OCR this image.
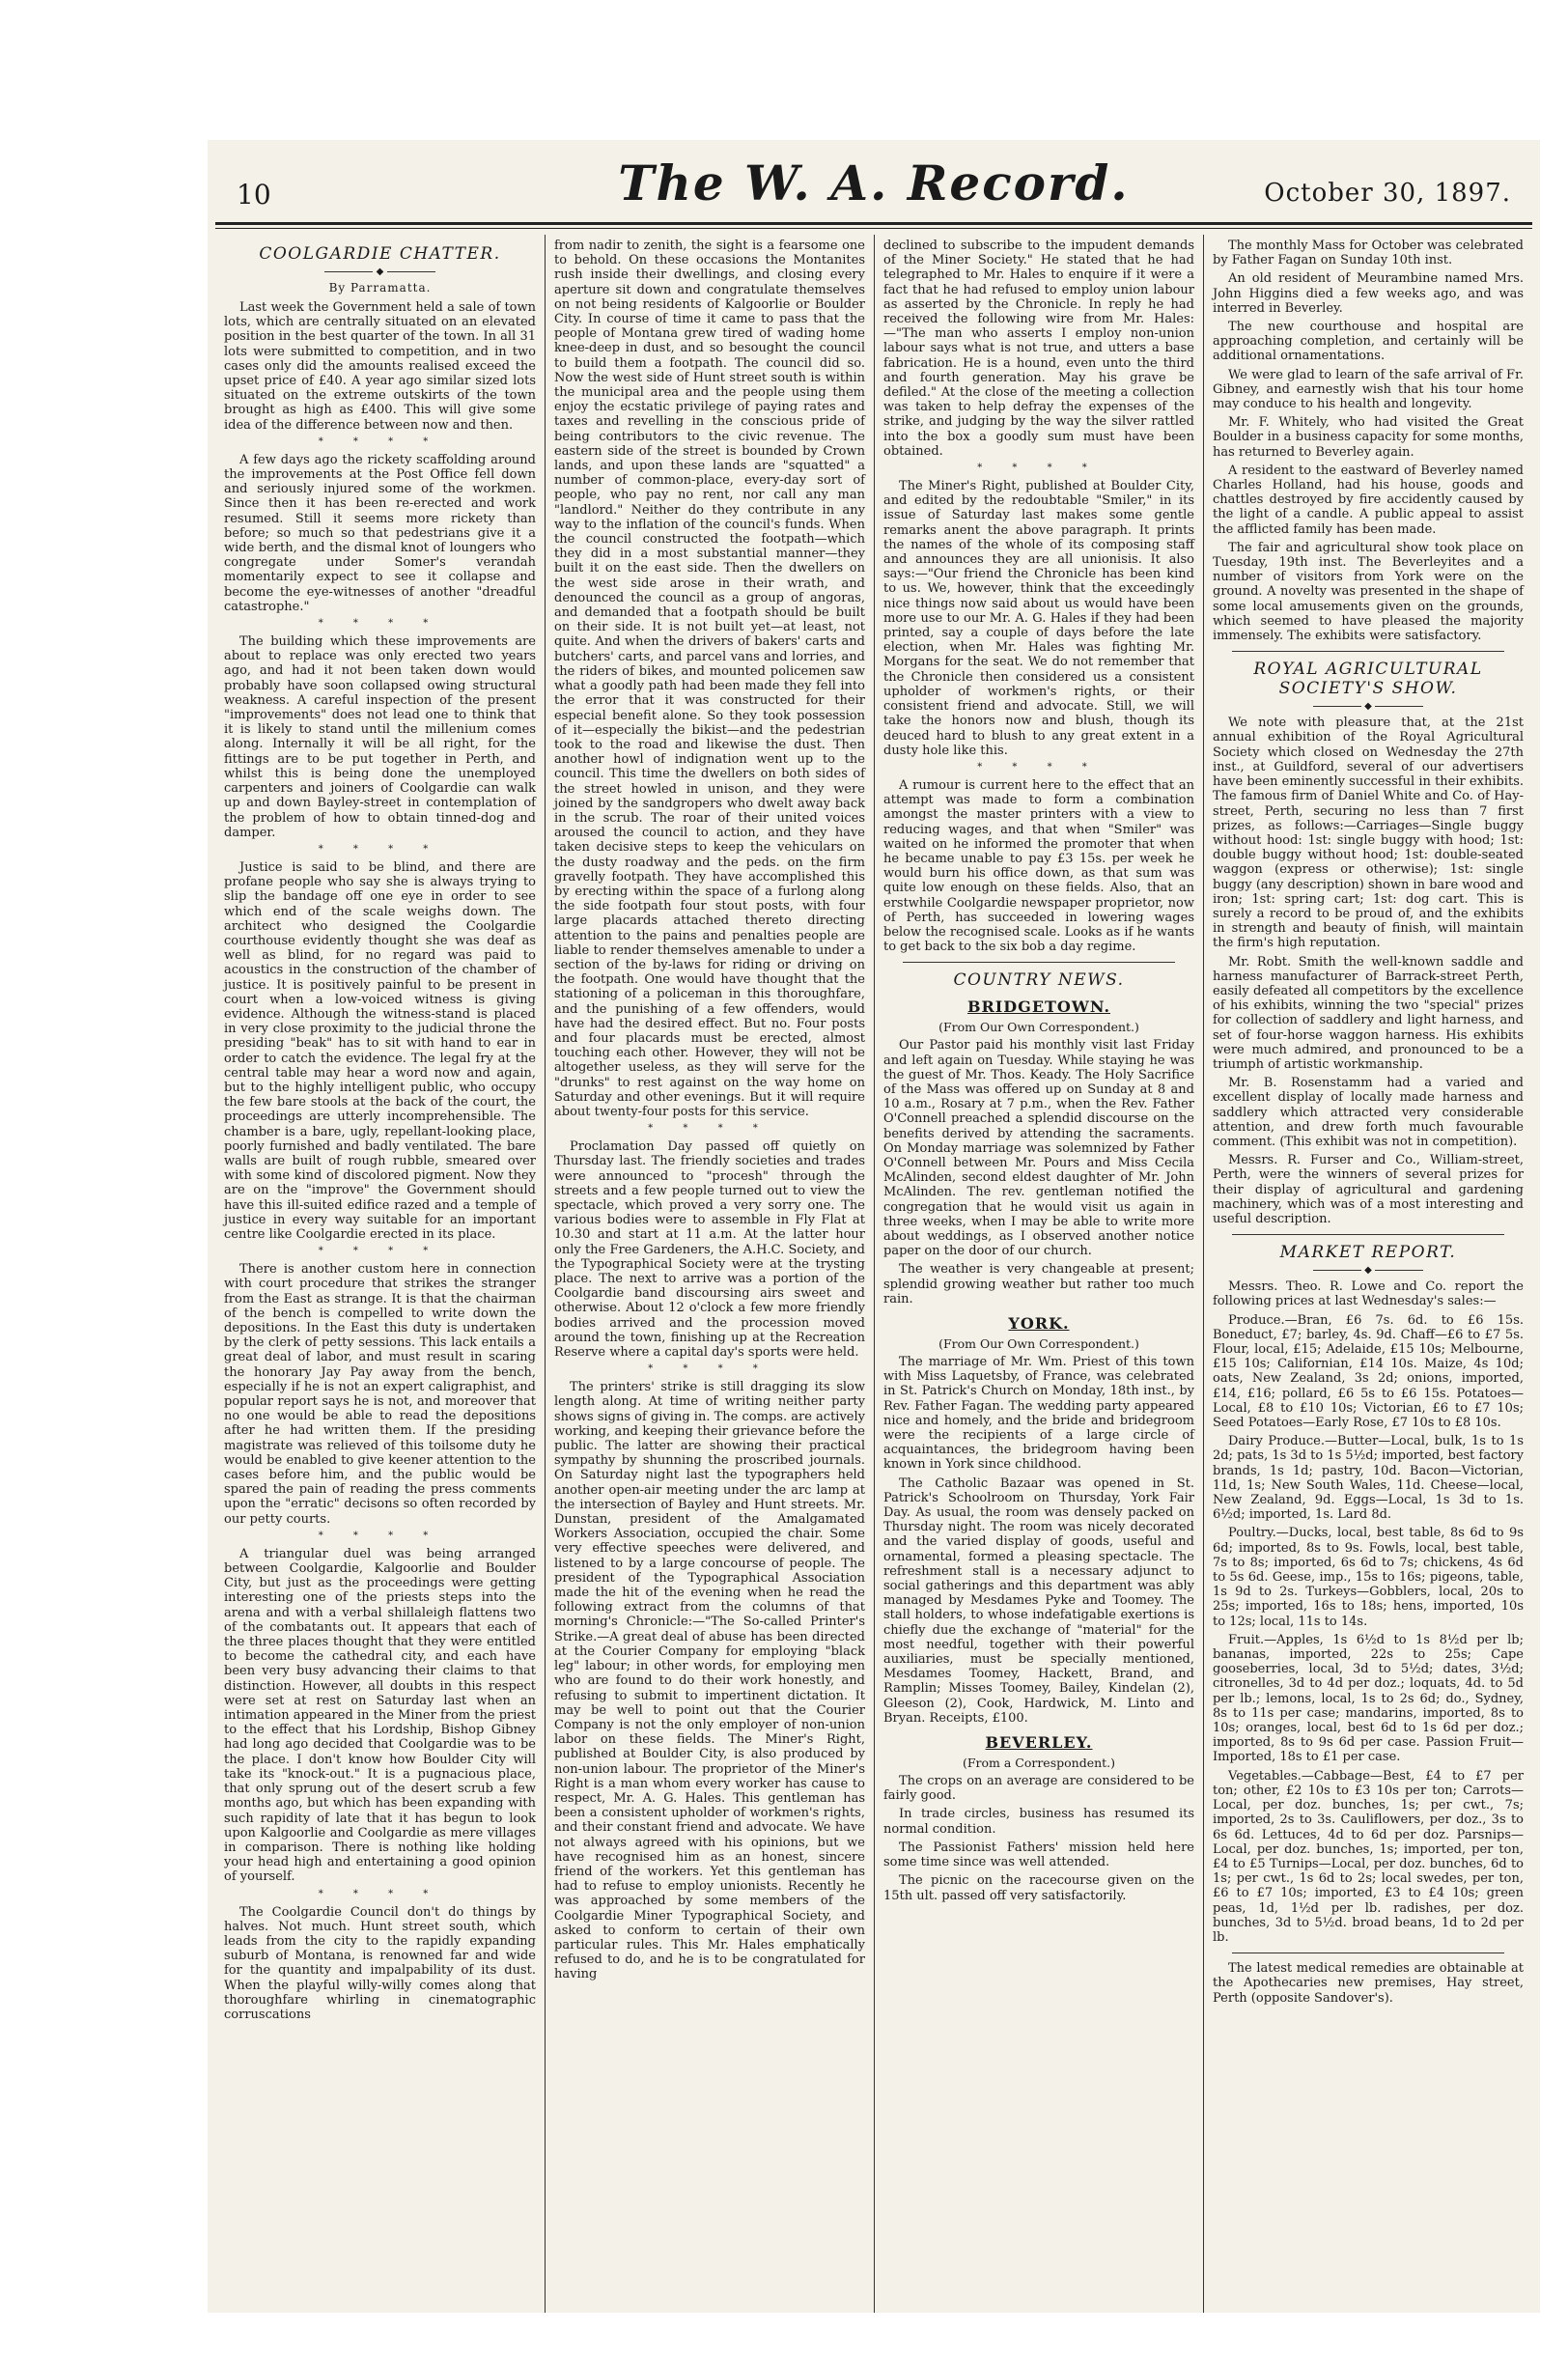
10	The W. A. Record.	October 30, 1897.
COOLGARDIE CHATTER.
◆
By Parramatta.

Last week the Government held a sale of town lots, which are centrally situated on an elevated position in the best quarter of the town. In all 31 lots were submitted to competition, and in two cases only did the amounts realised exceed the upset price of £40. A year ago similar sized lots situated on the extreme outskirts of the town brought as high as £400. This will give some idea of the difference between now and then.

* * * *

A few days ago the rickety scaffolding around the improvements at the Post Office fell down and seriously injured some of the workmen. Since then it has been re-erected and work resumed. Still it seems more rickety than before; so much so that pedestrians give it a wide berth, and the dismal knot of loungers who congregate under Somer's verandah momentarily expect to see it collapse and become the eye-witnesses of another "dreadful catastrophe."

* * * *

The building which these improvements are about to replace was only erected two years ago, and had it not been taken down would probably have soon collapsed owing structural weakness. A careful inspection of the present "improvements" does not lead one to think that it is likely to stand until the millenium comes along. Internally it will be all right, for the fittings are to be put together in Perth, and whilst this is being done the unemployed carpenters and joiners of Coolgardie can walk up and down Bayley-street in contemplation of the problem of how to obtain tinned-dog and damper.

* * * *

Justice is said to be blind, and there are profane people who say she is always trying to slip the bandage off one eye in order to see which end of the scale weighs down. The architect who designed the Coolgardie courthouse evidently thought she was deaf as well as blind, for no regard was paid to acoustics in the construction of the chamber of justice. It is positively painful to be present in court when a low-voiced witness is giving evidence. Although the witness-stand is placed in very close proximity to the judicial throne the presiding "beak" has to sit with hand to ear in order to catch the evidence. The legal fry at the central table may hear a word now and again, but to the highly intelligent public, who occupy the few bare stools at the back of the court, the proceedings are utterly incomprehensible. The chamber is a bare, ugly, repellant-looking place, poorly furnished and badly ventilated. The bare walls are built of rough rubble, smeared over with some kind of discolored pigment. Now they are on the "improve" the Government should have this ill-suited edifice razed and a temple of justice in every way suitable for an important centre like Coolgardie erected in its place.

* * * *

There is another custom here in connection with court procedure that strikes the stranger from the East as strange. It is that the chairman of the bench is compelled to write down the depositions. In the East this duty is undertaken by the clerk of petty sessions. This lack entails a great deal of labor, and must result in scaring the honorary Jay Pay away from the bench, especially if he is not an expert caligraphist, and popular report says he is not, and moreover that no one would be able to read the depositions after he had written them. If the presiding magistrate was relieved of this toilsome duty he would be enabled to give keener attention to the cases before him, and the public would be spared the pain of reading the press comments upon the "erratic" decisons so often recorded by our petty courts.

* * * *

A triangular duel was being arranged between Coolgardie, Kalgoorlie and Boulder City, but just as the proceedings were getting interesting one of the priests steps into the arena and with a verbal shillaleigh flattens two of the combatants out. It appears that each of the three places thought that they were entitled to become the cathedral city, and each have been very busy advancing their claims to that distinction. However, all doubts in this respect were set at rest on Saturday last when an intimation appeared in the Miner from the priest to the effect that his Lordship, Bishop Gibney had long ago decided that Coolgardie was to be the place. I don't know how Boulder City will take its "knock-out." It is a pugnacious place, that only sprung out of the desert scrub a few months ago, but which has been expanding with such rapidity of late that it has begun to look upon Kalgoorlie and Coolgardie as mere villages in comparison. There is nothing like holding your head high and entertaining a good opinion of yourself.

* * * *

The Coolgardie Council don't do things by halves. Not much. Hunt street south, which leads from the city to the rapidly expanding suburb of Montana, is renowned far and wide for the quantity and impalpability of its dust. When the playful willy-willy comes along that thoroughfare whirling in cinematographic corruscations

from nadir to zenith, the sight is a fearsome one to behold. On these occasions the Montanites rush inside their dwellings, and closing every aperture sit down and congratulate themselves on not being residents of Kalgoorlie or Boulder City. In course of time it came to pass that the people of Montana grew tired of wading home knee-deep in dust, and so besought the council to build them a footpath. The council did so. Now the west side of Hunt street south is within the municipal area and the people using them enjoy the ecstatic privilege of paying rates and taxes and revelling in the conscious pride of being contributors to the civic revenue. The eastern side of the street is bounded by Crown lands, and upon these lands are "squatted" a number of common-place, every-day sort of people, who pay no rent, nor call any man "landlord." Neither do they contribute in any way to the inflation of the council's funds. When the council constructed the footpath—which they did in a most substantial manner—they built it on the east side. Then the dwellers on the west side arose in their wrath, and denounced the council as a group of angoras, and demanded that a footpath should be built on their side. It is not built yet—at least, not quite. And when the drivers of bakers' carts and butchers' carts, and parcel vans and lorries, and the riders of bikes, and mounted policemen saw what a goodly path had been made they fell into the error that it was constructed for their especial benefit alone. So they took possession of it—especially the bikist—and the pedestrian took to the road and likewise the dust. Then another howl of indignation went up to the council. This time the dwellers on both sides of the street howled in unison, and they were joined by the sandgropers who dwelt away back in the scrub. The roar of their united voices aroused the council to action, and they have taken decisive steps to keep the vehiculars on the dusty roadway and the peds. on the firm gravelly footpath. They have accomplished this by erecting within the space of a furlong along the side footpath four stout posts, with four large placards attached thereto directing attention to the pains and penalties people are liable to render themselves amenable to under a section of the by-laws for riding or driving on the footpath. One would have thought that the stationing of a policeman in this thoroughfare, and the punishing of a few offenders, would have had the desired effect. But no. Four posts and four placards must be erected, almost touching each other. However, they will not be altogether useless, as they will serve for the "drunks" to rest against on the way home on Saturday and other evenings. But it will require about twenty-four posts for this service.

* * * *

Proclamation Day passed off quietly on Thursday last. The friendly societies and trades were announced to "procesh" through the streets and a few people turned out to view the spectacle, which proved a very sorry one. The various bodies were to assemble in Fly Flat at 10.30 and start at 11 a.m. At the latter hour only the Free Gardeners, the A.H.C. Society, and the Typographical Society were at the trysting place. The next to arrive was a portion of the Coolgardie band discoursing airs sweet and otherwise. About 12 o'clock a few more friendly bodies arrived and the procession moved around the town, finishing up at the Recreation Reserve where a capital day's sports were held.

* * * *

The printers' strike is still dragging its slow length along. At time of writing neither party shows signs of giving in. The comps. are actively working, and keeping their grievance before the public. The latter are showing their practical sympathy by shunning the proscribed journals. On Saturday night last the typographers held another open-air meeting under the arc lamp at the intersection of Bayley and Hunt streets. Mr. Dunstan, president of the Amalgamated Workers Association, occupied the chair. Some very effective speeches were delivered, and listened to by a large concourse of people. The president of the Typographical Association made the hit of the evening when he read the following extract from the columns of that morning's Chronicle:—"The So-called Printer's Strike.—A great deal of abuse has been directed at the Courier Company for employing "black leg" labour; in other words, for employing men who are found to do their work honestly, and refusing to submit to impertinent dictation. It may be well to point out that the Courier Company is not the only employer of non-union labor on these fields. The Miner's Right, published at Boulder City, is also produced by non-union labour. The proprietor of the Miner's Right is a man whom every worker has cause to respect, Mr. A. G. Hales. This gentleman has been a consistent upholder of workmen's rights, and their constant friend and advocate. We have not always agreed with his opinions, but we have recognised him as an honest, sincere friend of the workers. Yet this gentleman has had to refuse to employ unionists. Recently he was approached by some members of the Coolgardie Miner Typographical Society, and asked to conform to certain of their own particular rules. This Mr. Hales emphatically refused to do, and he is to be congratulated for having

declined to subscribe to the impudent demands of the Miner Society." He stated that he had telegraphed to Mr. Hales to enquire if it were a fact that he had refused to employ union labour as asserted by the Chronicle. In reply he had received the following wire from Mr. Hales:—"The man who asserts I employ non-union labour says what is not true, and utters a base fabrication. He is a hound, even unto the third and fourth generation. May his grave be defiled." At the close of the meeting a collection was taken to help defray the expenses of the strike, and judging by the way the silver rattled into the box a goodly sum must have been obtained.

* * * *

The Miner's Right, published at Boulder City, and edited by the redoubtable "Smiler," in its issue of Saturday last makes some gentle remarks anent the above paragraph. It prints the names of the whole of its composing staff and announces they are all unionisis. It also says:—"Our friend the Chronicle has been kind to us. We, however, think that the exceedingly nice things now said about us would have been more use to our Mr. A. G. Hales if they had been printed, say a couple of days before the late election, when Mr. Hales was fighting Mr. Morgans for the seat. We do not remember that the Chronicle then considered us a consistent upholder of workmen's rights, or their consistent friend and advocate. Still, we will take the honors now and blush, though its deuced hard to blush to any great extent in a dusty hole like this.

* * * *

A rumour is current here to the effect that an attempt was made to form a combination amongst the master printers with a view to reducing wages, and that when "Smiler" was waited on he informed the promoter that when he became unable to pay £3 15s. per week he would burn his office down, as that sum was quite low enough on these fields. Also, that an erstwhile Coolgardie newspaper proprietor, now of Perth, has succeeded in lowering wages below the recognised scale. Looks as if he wants to get back to the six bob a day regime.

COUNTRY NEWS.
BRIDGETOWN.
(From Our Own Correspondent.)

Our Pastor paid his monthly visit last Friday and left again on Tuesday. While staying he was the guest of Mr. Thos. Keady. The Holy Sacrifice of the Mass was offered up on Sunday at 8 and 10 a.m., Rosary at 7 p.m., when the Rev. Father O'Connell preached a splendid discourse on the benefits derived by attending the sacraments. On Monday marriage was solemnized by Father O'Connell between Mr. Pours and Miss Cecila McAlinden, second eldest daughter of Mr. John McAlinden. The rev. gentleman notified the congregation that he would visit us again in three weeks, when I may be able to write more about weddings, as I observed another notice paper on the door of our church.

The weather is very changeable at present; splendid growing weather but rather too much rain.

YORK.
(From Our Own Correspondent.)

The marriage of Mr. Wm. Priest of this town with Miss Laquetsby, of France, was celebrated in St. Patrick's Church on Monday, 18th inst., by Rev. Father Fagan. The wedding party appeared nice and homely, and the bride and bridegroom were the recipients of a large circle of acquaintances, the bridegroom having been known in York since childhood.

The Catholic Bazaar was opened in St. Patrick's Schoolroom on Thursday, York Fair Day. As usual, the room was densely packed on Thursday night. The room was nicely decorated and the varied display of goods, useful and ornamental, formed a pleasing spectacle. The refreshment stall is a necessary adjunct to social gatherings and this department was ably managed by Mesdames Pyke and Toomey. The stall holders, to whose indefatigable exertions is chiefly due the exchange of "material" for the most needful, together with their powerful auxiliaries, must be specially mentioned, Mesdames Toomey, Hackett, Brand, and Ramplin; Misses Toomey, Bailey, Kindelan (2), Gleeson (2), Cook, Hardwick, M. Linto and Bryan. Receipts, £100.

BEVERLEY.
(From a Correspondent.)

The crops on an average are considered to be fairly good.

In trade circles, business has resumed its normal condition.

The Passionist Fathers' mission held here some time since was well attended.

The picnic on the racecourse given on the 15th ult. passed off very satisfactorily.

The monthly Mass for October was celebrated by Father Fagan on Sunday 10th inst.

An old resident of Meurambine named Mrs. John Higgins died a few weeks ago, and was interred in Beverley.

The new courthouse and hospital are approaching completion, and certainly will be additional ornamentations.

We were glad to learn of the safe arrival of Fr. Gibney, and earnestly wish that his tour home may conduce to his health and longevity.

Mr. F. Whitely, who had visited the Great Boulder in a business capacity for some months, has returned to Beverley again.

A resident to the eastward of Beverley named Charles Holland, had his house, goods and chattles destroyed by fire accidently caused by the light of a candle. A public appeal to assist the afflicted family has been made.

The fair and agricultural show took place on Tuesday, 19th inst. The Beverleyites and a number of visitors from York were on the ground. A novelty was presented in the shape of some local amusements given on the grounds, which seemed to have pleased the majority immensely. The exhibits were satisfactory.

ROYAL AGRICULTURAL SOCIETY'S SHOW.
◆

We note with pleasure that, at the 21st annual exhibition of the Royal Agricultural Society which closed on Wednesday the 27th inst., at Guildford, several of our advertisers have been eminently successful in their exhibits. The famous firm of Daniel White and Co. of Hay-street, Perth, securing no less than 7 first prizes, as follows:—Carriages—Single buggy without hood: 1st: single buggy with hood; 1st: double buggy without hood; 1st: double-seated waggon (express or otherwise); 1st: single buggy (any description) shown in bare wood and iron; 1st: spring cart; 1st: dog cart. This is surely a record to be proud of, and the exhibits in strength and beauty of finish, will maintain the firm's high reputation.

Mr. Robt. Smith the well-known saddle and harness manufacturer of Barrack-street Perth, easily defeated all competitors by the excellence of his exhibits, winning the two "special" prizes for collection of saddlery and light harness, and set of four-horse waggon harness. His exhibits were much admired, and pronounced to be a triumph of artistic workmanship.

Mr. B. Rosenstamm had a varied and excellent display of locally made harness and saddlery which attracted very considerable attention, and drew forth much favourable comment. (This exhibit was not in competition).

Messrs. R. Furser and Co., William-street, Perth, were the winners of several prizes for their display of agricultural and gardening machinery, which was of a most interesting and useful description.

MARKET REPORT.
◆

Messrs. Theo. R. Lowe and Co. report the following prices at last Wednesday's sales:—

Produce.—Bran, £6 7s. 6d. to £6 15s. Boneduct, £7; barley, 4s. 9d. Chaff—£6 to £7 5s. Flour, local, £15; Adelaide, £15 10s; Melbourne, £15 10s; Californian, £14 10s. Maize, 4s 10d; oats, New Zealand, 3s 2d; onions, imported, £14, £16; pollard, £6 5s to £6 15s. Potatoes—Local, £8 to £10 10s; Victorian, £6 to £7 10s; Seed Potatoes—Early Rose, £7 10s to £8 10s.

Dairy Produce.—Butter—Local, bulk, 1s to 1s 2d; pats, 1s 3d to 1s 5½d; imported, best factory brands, 1s 1d; pastry, 10d. Bacon—Victorian, 11d, 1s; New South Wales, 11d. Cheese—local, New Zealand, 9d. Eggs—Local, 1s 3d to 1s. 6½d; imported, 1s. Lard 8d.

Poultry.—Ducks, local, best table, 8s 6d to 9s 6d; imported, 8s to 9s. Fowls, local, best table, 7s to 8s; imported, 6s 6d to 7s; chickens, 4s 6d to 5s 6d. Geese, imp., 15s to 16s; pigeons, table, 1s 9d to 2s. Turkeys—Gobblers, local, 20s to 25s; imported, 16s to 18s; hens, imported, 10s to 12s; local, 11s to 14s.

Fruit.—Apples, 1s 6½d to 1s 8½d per lb; bananas, imported, 22s to 25s; Cape gooseberries, local, 3d to 5½d; dates, 3½d; citronelles, 3d to 4d per doz.; loquats, 4d. to 5d per lb.; lemons, local, 1s to 2s 6d; do., Sydney, 8s to 11s per case; mandarins, imported, 8s to 10s; oranges, local, best 6d to 1s 6d per doz.; imported, 8s to 9s 6d per case. Passion Fruit—Imported, 18s to £1 per case.

Vegetables.—Cabbage—Best, £4 to £7 per ton; other, £2 10s to £3 10s per ton; Carrots—Local, per doz. bunches, 1s; per cwt., 7s; imported, 2s to 3s. Cauliflowers, per doz., 3s to 6s 6d. Lettuces, 4d to 6d per doz. Parsnips—Local, per doz. bunches, 1s; imported, per ton, £4 to £5 Turnips—Local, per doz. bunches, 6d to 1s; per cwt., 1s 6d to 2s; local swedes, per ton, £6 to £7 10s; imported, £3 to £4 10s; green peas, 1d, 1½d per lb. radishes, per doz. bunches, 3d to 5½d. broad beans, 1d to 2d per lb.

The latest medical remedies are obtainable at the Apothecaries new premises, Hay street, Perth (opposite Sandover's).
